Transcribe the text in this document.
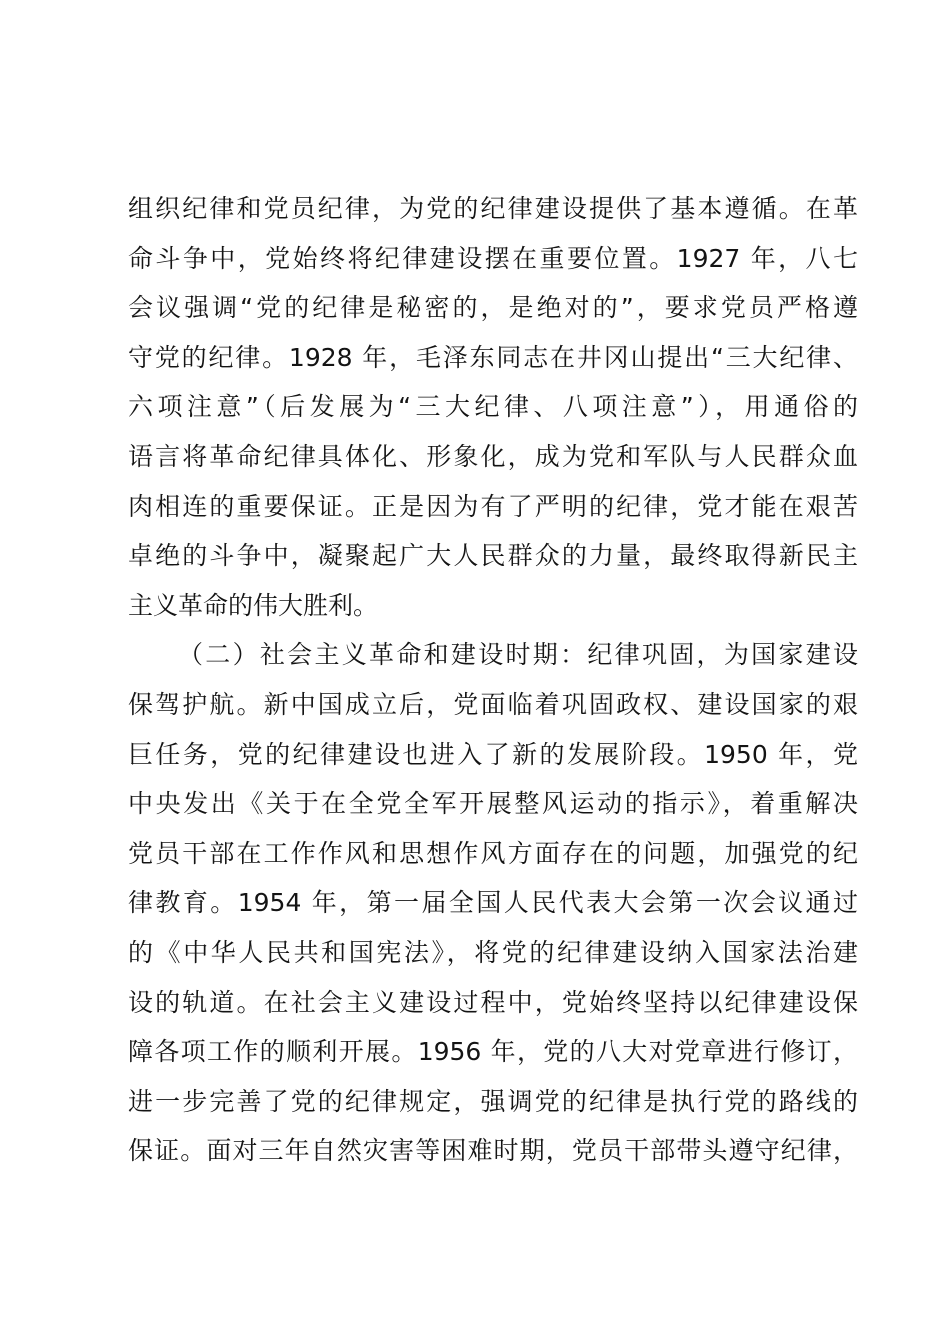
组织纪律和党员纪律，为党的纪律建设提供了基本遵循。在革
命斗争中，党始终将纪律建设摆在重要位置。1927 年，八七
会议强调“党的纪律是秘密的，是绝对的”，要求党员严格遵
守党的纪律。1928 年，毛泽东同志在井冈山提出“三大纪律、
六项注意”（后发展为“三大纪律、八项注意”），用通俗的
语言将革命纪律具体化、形象化，成为党和军队与人民群众血
肉相连的重要保证。正是因为有了严明的纪律，党才能在艰苦
卓绝的斗争中，凝聚起广大人民群众的力量，最终取得新民主
主义革命的伟大胜利。
（二）社会主义革命和建设时期：纪律巩固，为国家建设
保驾护航。新中国成立后，党面临着巩固政权、建设国家的艰
巨任务，党的纪律建设也进入了新的发展阶段。1950 年，党
中央发出《关于在全党全军开展整风运动的指示》，着重解决
党员干部在工作作风和思想作风方面存在的问题，加强党的纪
律教育。1954 年，第一届全国人民代表大会第一次会议通过
的《中华人民共和国宪法》，将党的纪律建设纳入国家法治建
设的轨道。在社会主义建设过程中，党始终坚持以纪律建设保
障各项工作的顺利开展。1956 年，党的八大对党章进行修订，
进一步完善了党的纪律规定，强调党的纪律是执行党的路线的
保证。面对三年自然灾害等困难时期，党员干部带头遵守纪律，
